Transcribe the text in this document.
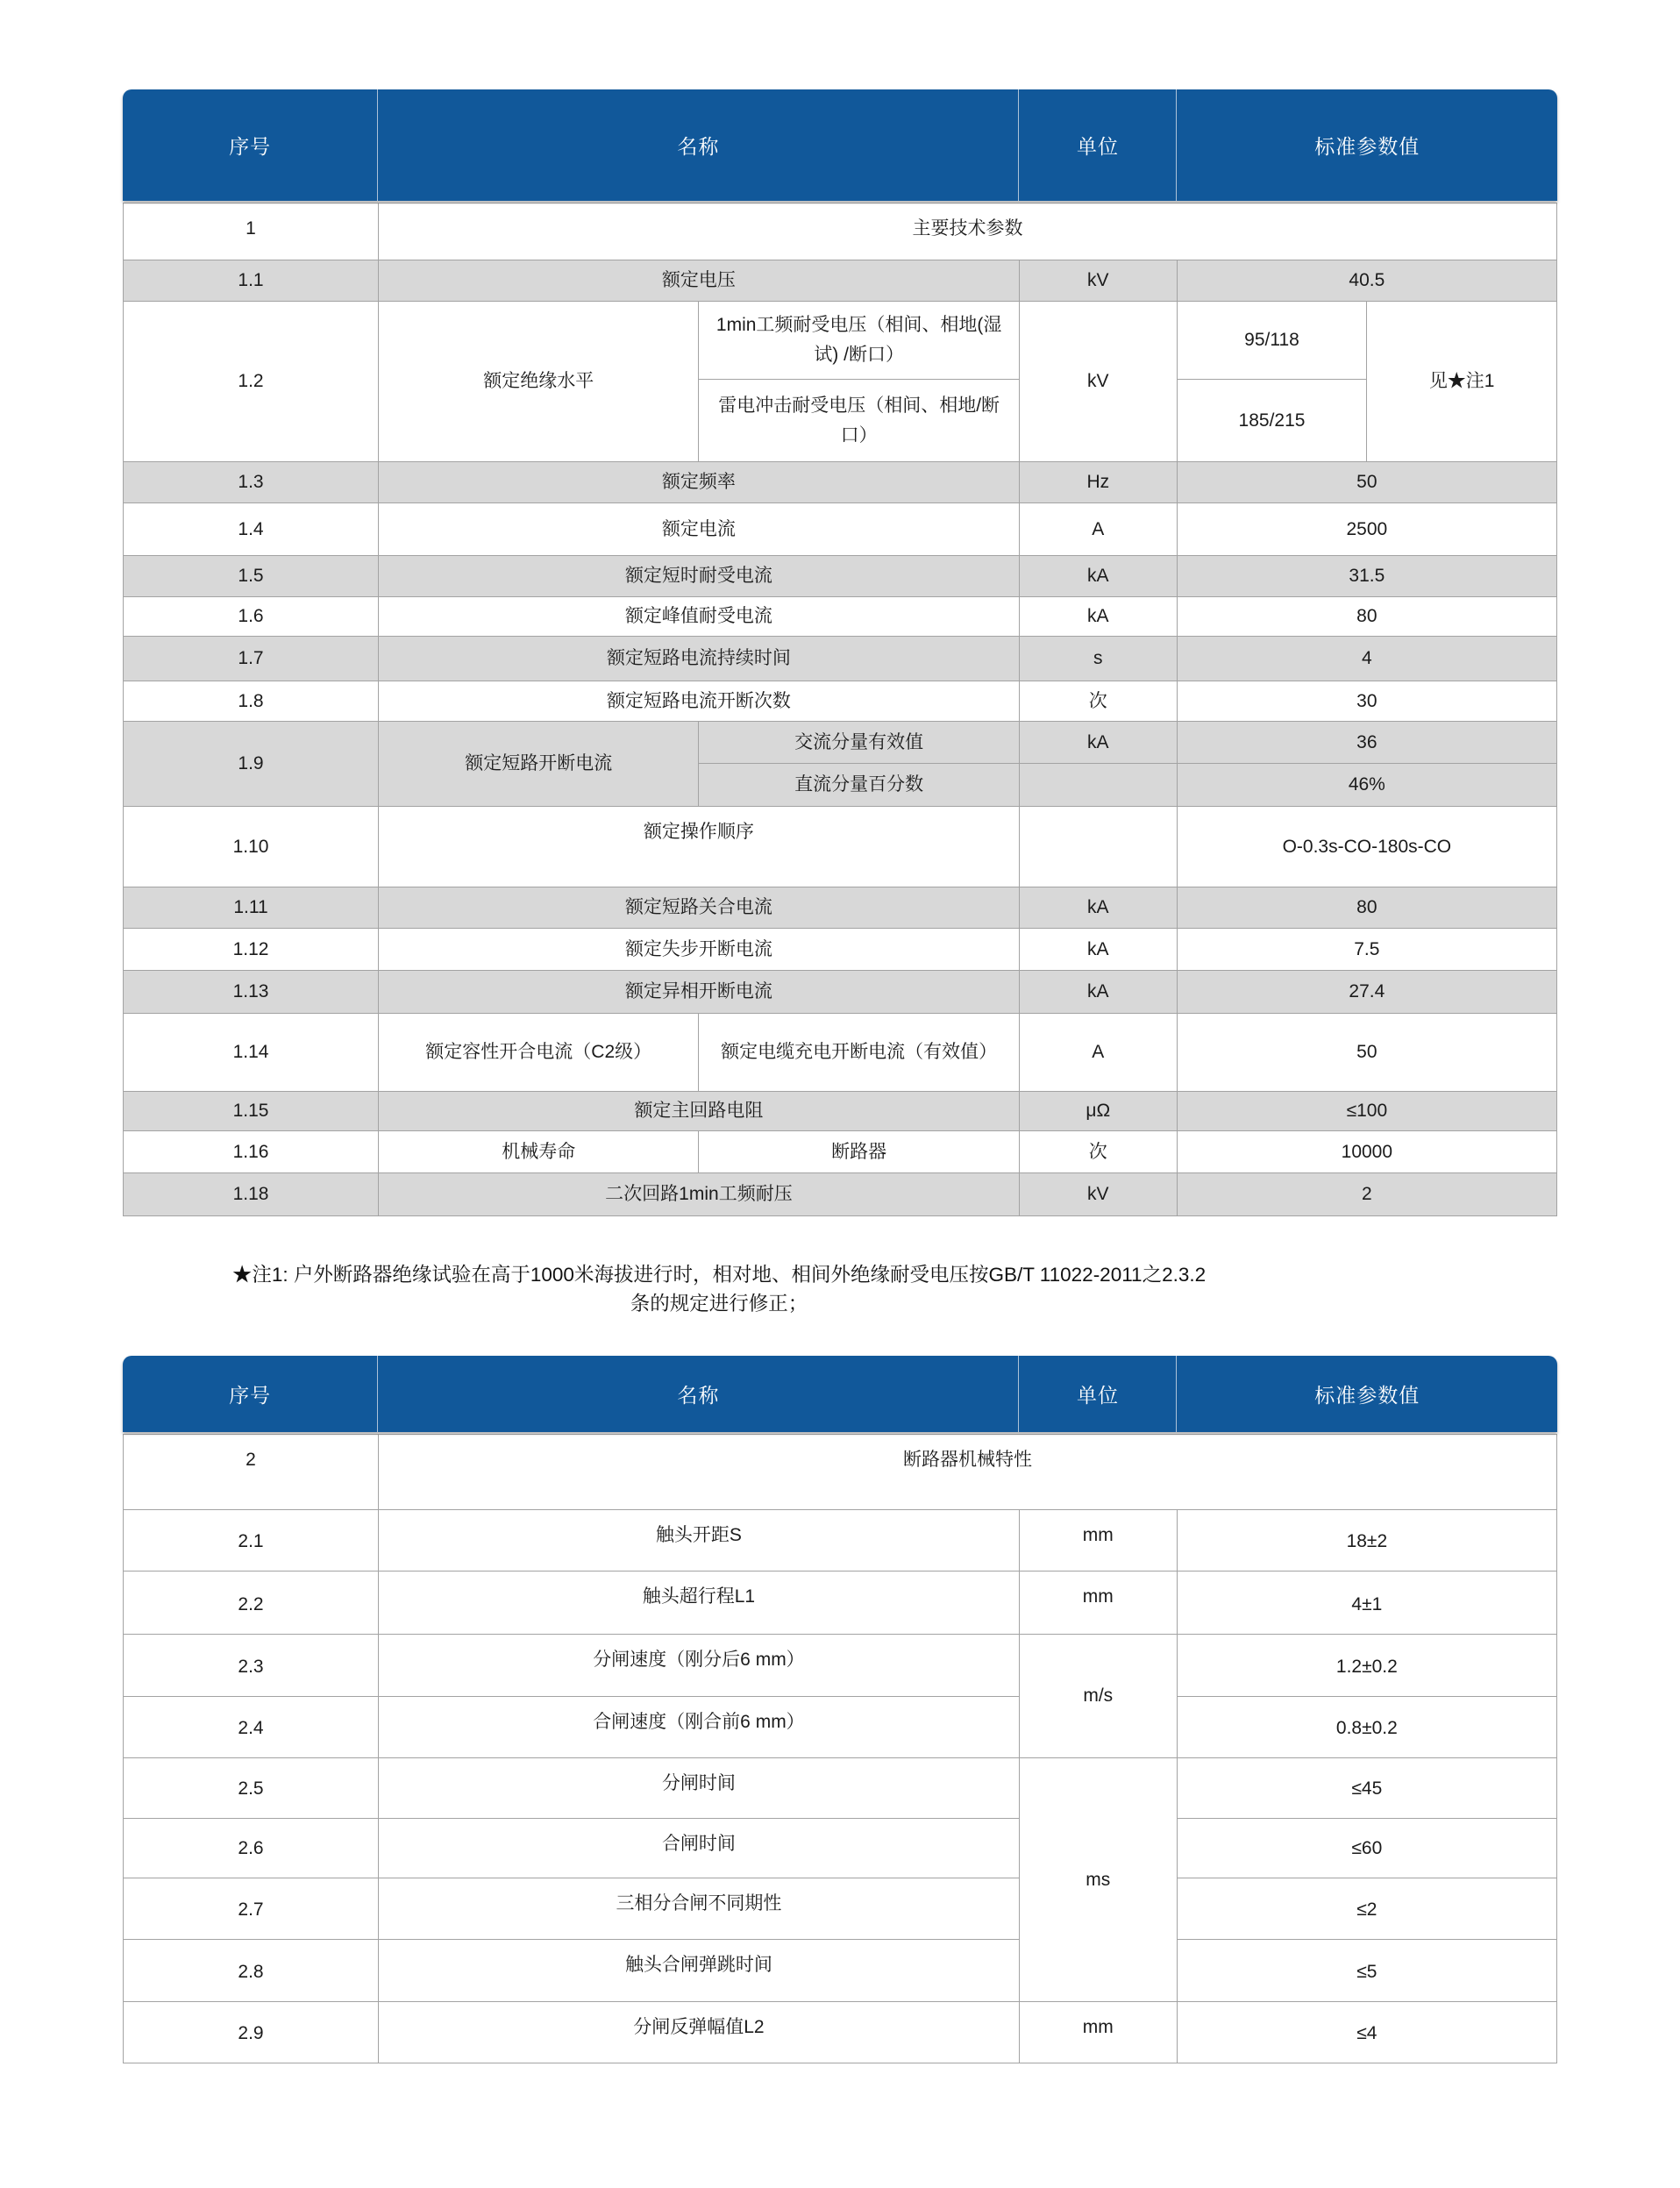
序号	名称	单位	标准参数值
1	主要技术参数				
1.1	额定电压		kV	40.5	
1.2	额定绝缘水平	1min工频耐受电压（相间、相地(湿试) /断口）	kV	95/118	见★注1
		雷电冲击耐受电压（相间、相地/断口）		185/215	
1.3	额定频率		Hz	50	
1.4	额定电流		A	2500	
1.5	额定短时耐受电流		kA	31.5	
1.6	额定峰值耐受电流		kA	80	
1.7	额定短路电流持续时间		s	4	
1.8	额定短路电流开断次数		次	30	
1.9	额定短路开断电流	交流分量有效值	kA	36	
		直流分量百分数		46%	
1.10	额定操作顺序			O-0.3s-CO-180s-CO	
1.11	额定短路关合电流		kA	80	
1.12	额定失步开断电流		kA	7.5	
1.13	额定异相开断电流		kA	27.4	
1.14	额定容性开合电流（C2级）	额定电缆充电开断电流（有效值）	A	50	
1.15	额定主回路电阻		μΩ	≤100	
1.16	机械寿命	断路器	次	10000	
1.18	二次回路1min工频耐压		kV	2	
★注1: 户外断路器绝缘试验在高于1000米海拔进行时，相对地、相间外绝缘耐受电压按GB/T 11022-2011之2.3.2
条的规定进行修正；
序号	名称	单位	标准参数值
2	断路器机械特性		
2.1	触头开距S	mm	18±2
2.2	触头超行程L1	mm	4±1
2.3	分闸速度（刚分后6 mm）	m/s	1.2±0.2
2.4	合闸速度（刚合前6 mm）		0.8±0.2
2.5	分闸时间	ms	≤45
2.6	合闸时间		≤60
2.7	三相分合闸不同期性		≤2
2.8	触头合闸弹跳时间		≤5
2.9	分闸反弹幅值L2	mm	≤4
